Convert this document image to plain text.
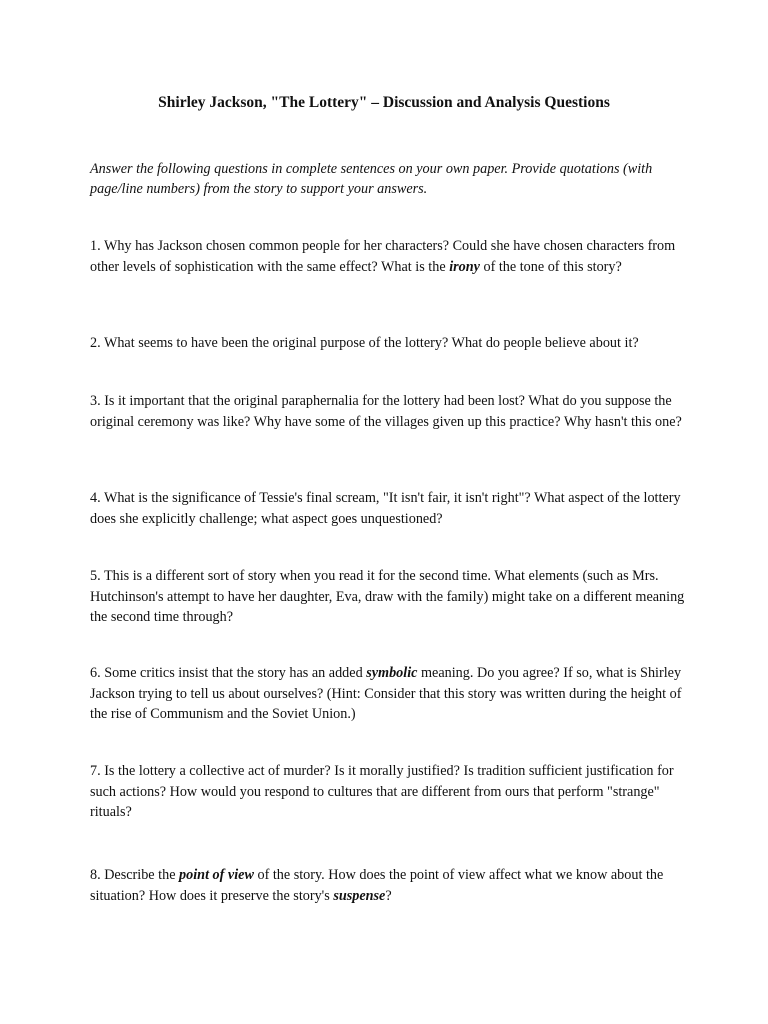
Shirley Jackson, "The Lottery" – Discussion and Analysis Questions
Answer the following questions in complete sentences on your own paper. Provide quotations (with page/line numbers) from the story to support your answers.
1. Why has Jackson chosen common people for her characters? Could she have chosen characters from other levels of sophistication with the same effect? What is the irony of the tone of this story?
2. What seems to have been the original purpose of the lottery? What do people believe about it?
3. Is it important that the original paraphernalia for the lottery had been lost? What do you suppose the original ceremony was like? Why have some of the villages given up this practice? Why hasn't this one?
4. What is the significance of Tessie's final scream, "It isn't fair, it isn't right"? What aspect of the lottery does she explicitly challenge; what aspect goes unquestioned?
5. This is a different sort of story when you read it for the second time. What elements (such as Mrs. Hutchinson's attempt to have her daughter, Eva, draw with the family) might take on a different meaning the second time through?
6. Some critics insist that the story has an added symbolic meaning. Do you agree? If so, what is Shirley Jackson trying to tell us about ourselves? (Hint: Consider that this story was written during the height of the rise of Communism and the Soviet Union.)
7. Is the lottery a collective act of murder? Is it morally justified? Is tradition sufficient justification for such actions? How would you respond to cultures that are different from ours that perform "strange" rituals?
8. Describe the point of view of the story. How does the point of view affect what we know about the situation? How does it preserve the story's suspense?
